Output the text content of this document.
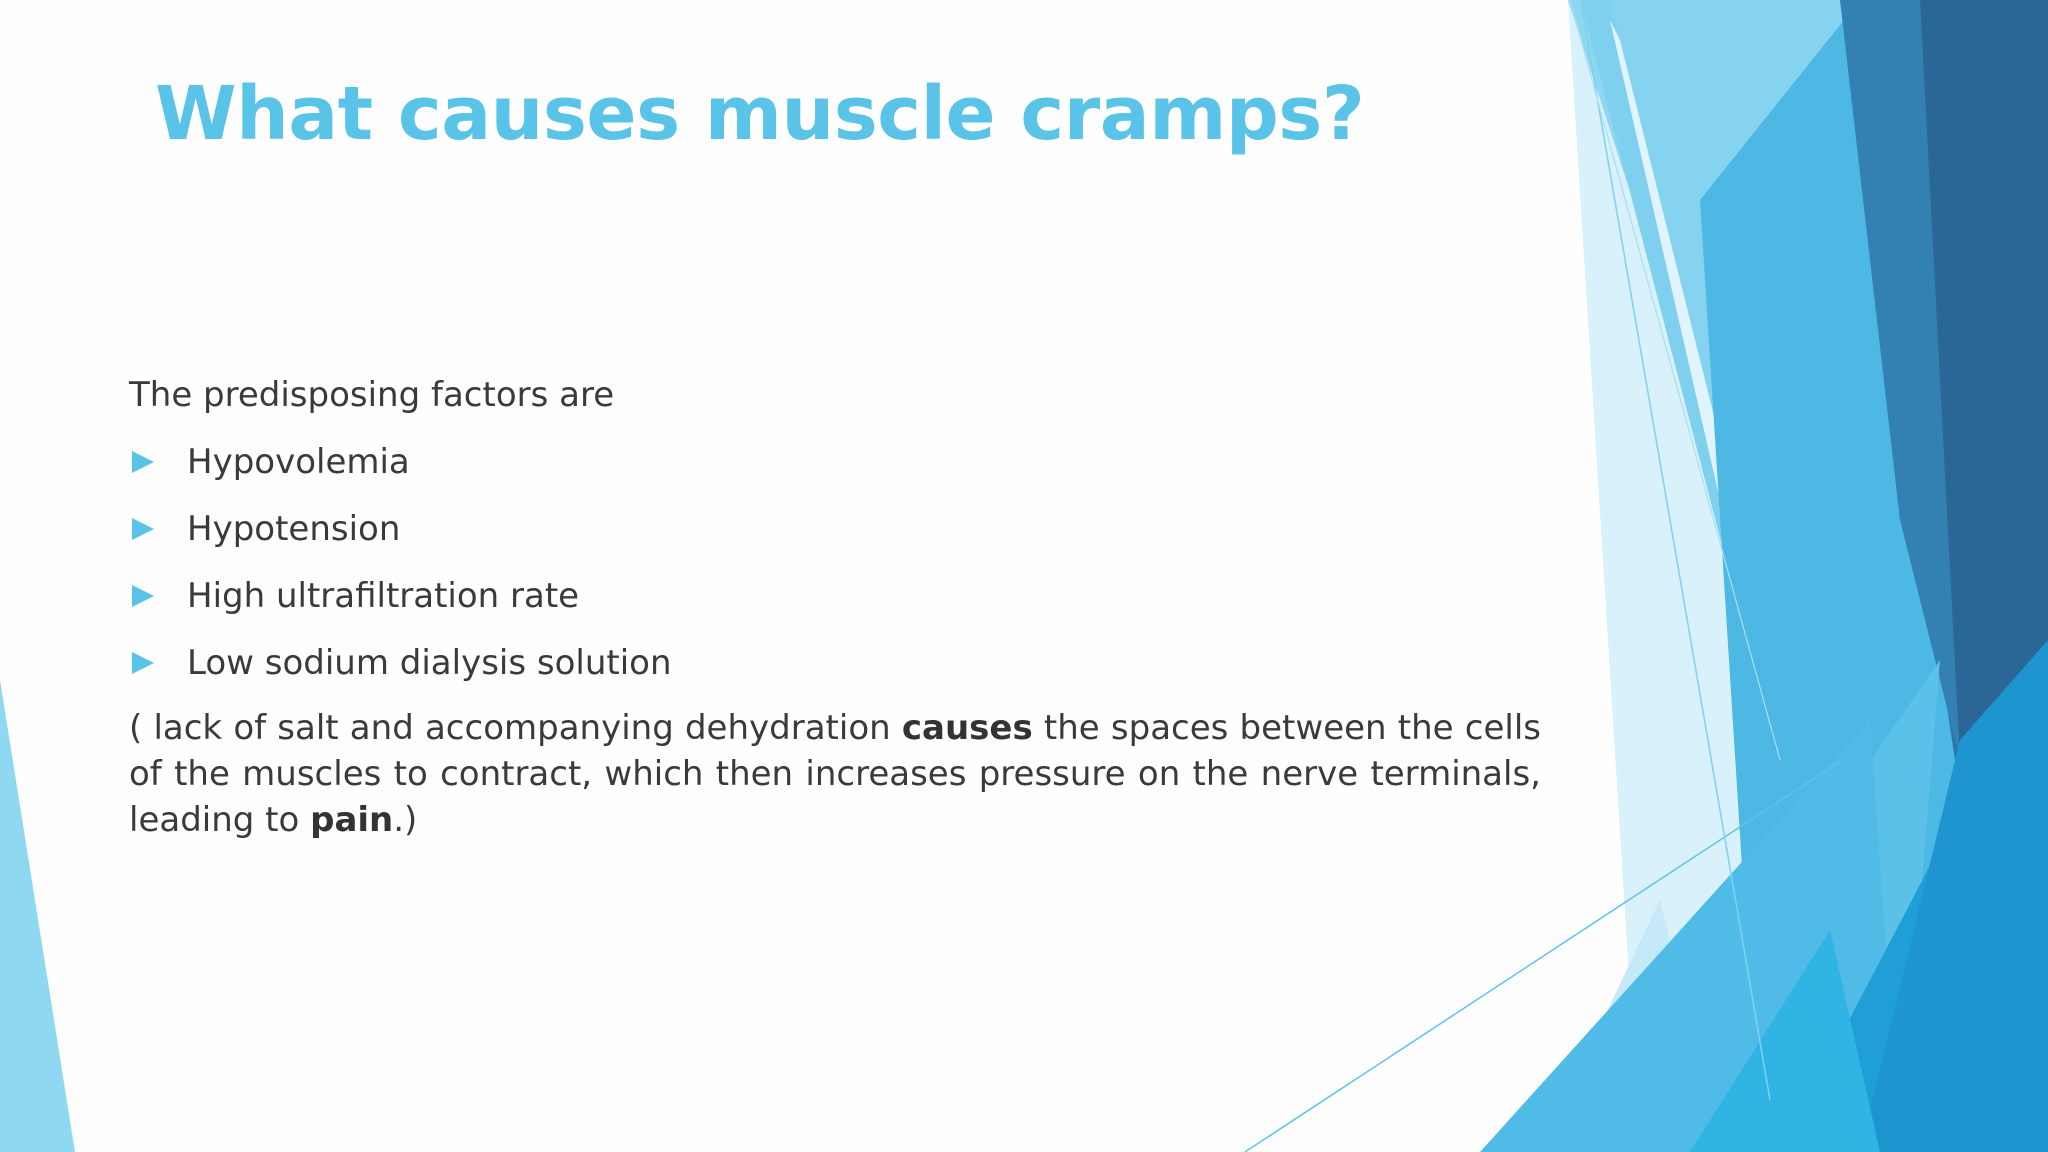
What causes muscle cramps?

The predisposing factors are

Hypovolemia
Hypotension
High ultrafiltration rate
Low sodium dialysis solution

( lack of salt and accompanying dehydration causes the spaces between the cells of the muscles to contract, which then increases pressure on the nerve terminals, leading to pain.)
